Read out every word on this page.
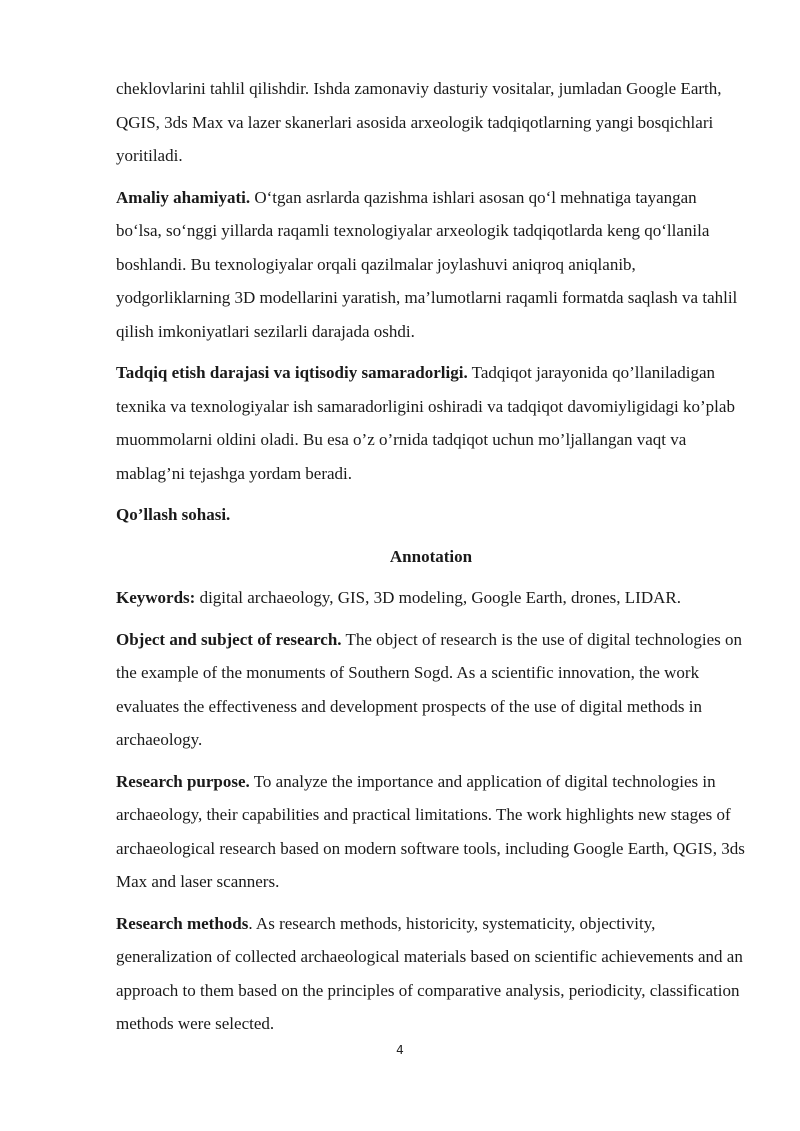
cheklovlarini tahlil qilishdir. Ishda zamonaviy dasturiy vositalar, jumladan Google Earth, QGIS, 3ds Max va lazer skanerlari asosida arxeologik tadqiqotlarning yangi bosqichlari yoritiladi.

Amaliy ahamiyati. O‘tgan asrlarda qazishma ishlari asosan qo‘l mehnatiga tayangan bo‘lsa, so‘nggi yillarda raqamli texnologiyalar arxeologik tadqiqotlarda keng qo‘llanila boshlandi. Bu texnologiyalar orqali qazilmalar joylashuvi aniqroq aniqlanib, yodgorliklarning 3D modellarini yaratish, ma’lumotlarni raqamli formatda saqlash va tahlil qilish imkoniyatlari sezilarli darajada oshdi.

Tadqiq etish darajasi va iqtisodiy samaradorligi. Tadqiqot jarayonida qo’llaniladigan texnika va texnologiyalar ish samaradorligini oshiradi va tadqiqot davomiyligidagi ko’plab muommolarni oldini oladi. Bu esa o’z o’rnida tadqiqot uchun mo’ljallangan vaqt va mablag’ni tejashga yordam beradi.

Qo’llash sohasi.

Annotation

Keywords: digital archaeology, GIS, 3D modeling, Google Earth, drones, LIDAR.

Object and subject of research. The object of research is the use of digital technologies on the example of the monuments of Southern Sogd. As a scientific innovation, the work evaluates the effectiveness and development prospects of the use of digital methods in archaeology.

Research purpose. To analyze the importance and application of digital technologies in archaeology, their capabilities and practical limitations. The work highlights new stages of archaeological research based on modern software tools, including Google Earth, QGIS, 3ds Max and laser scanners.

Research methods. As research methods, historicity, systematicity, objectivity, generalization of collected archaeological materials based on scientific achievements and an approach to them based on the principles of comparative analysis, periodicity, classification methods were selected.

4
